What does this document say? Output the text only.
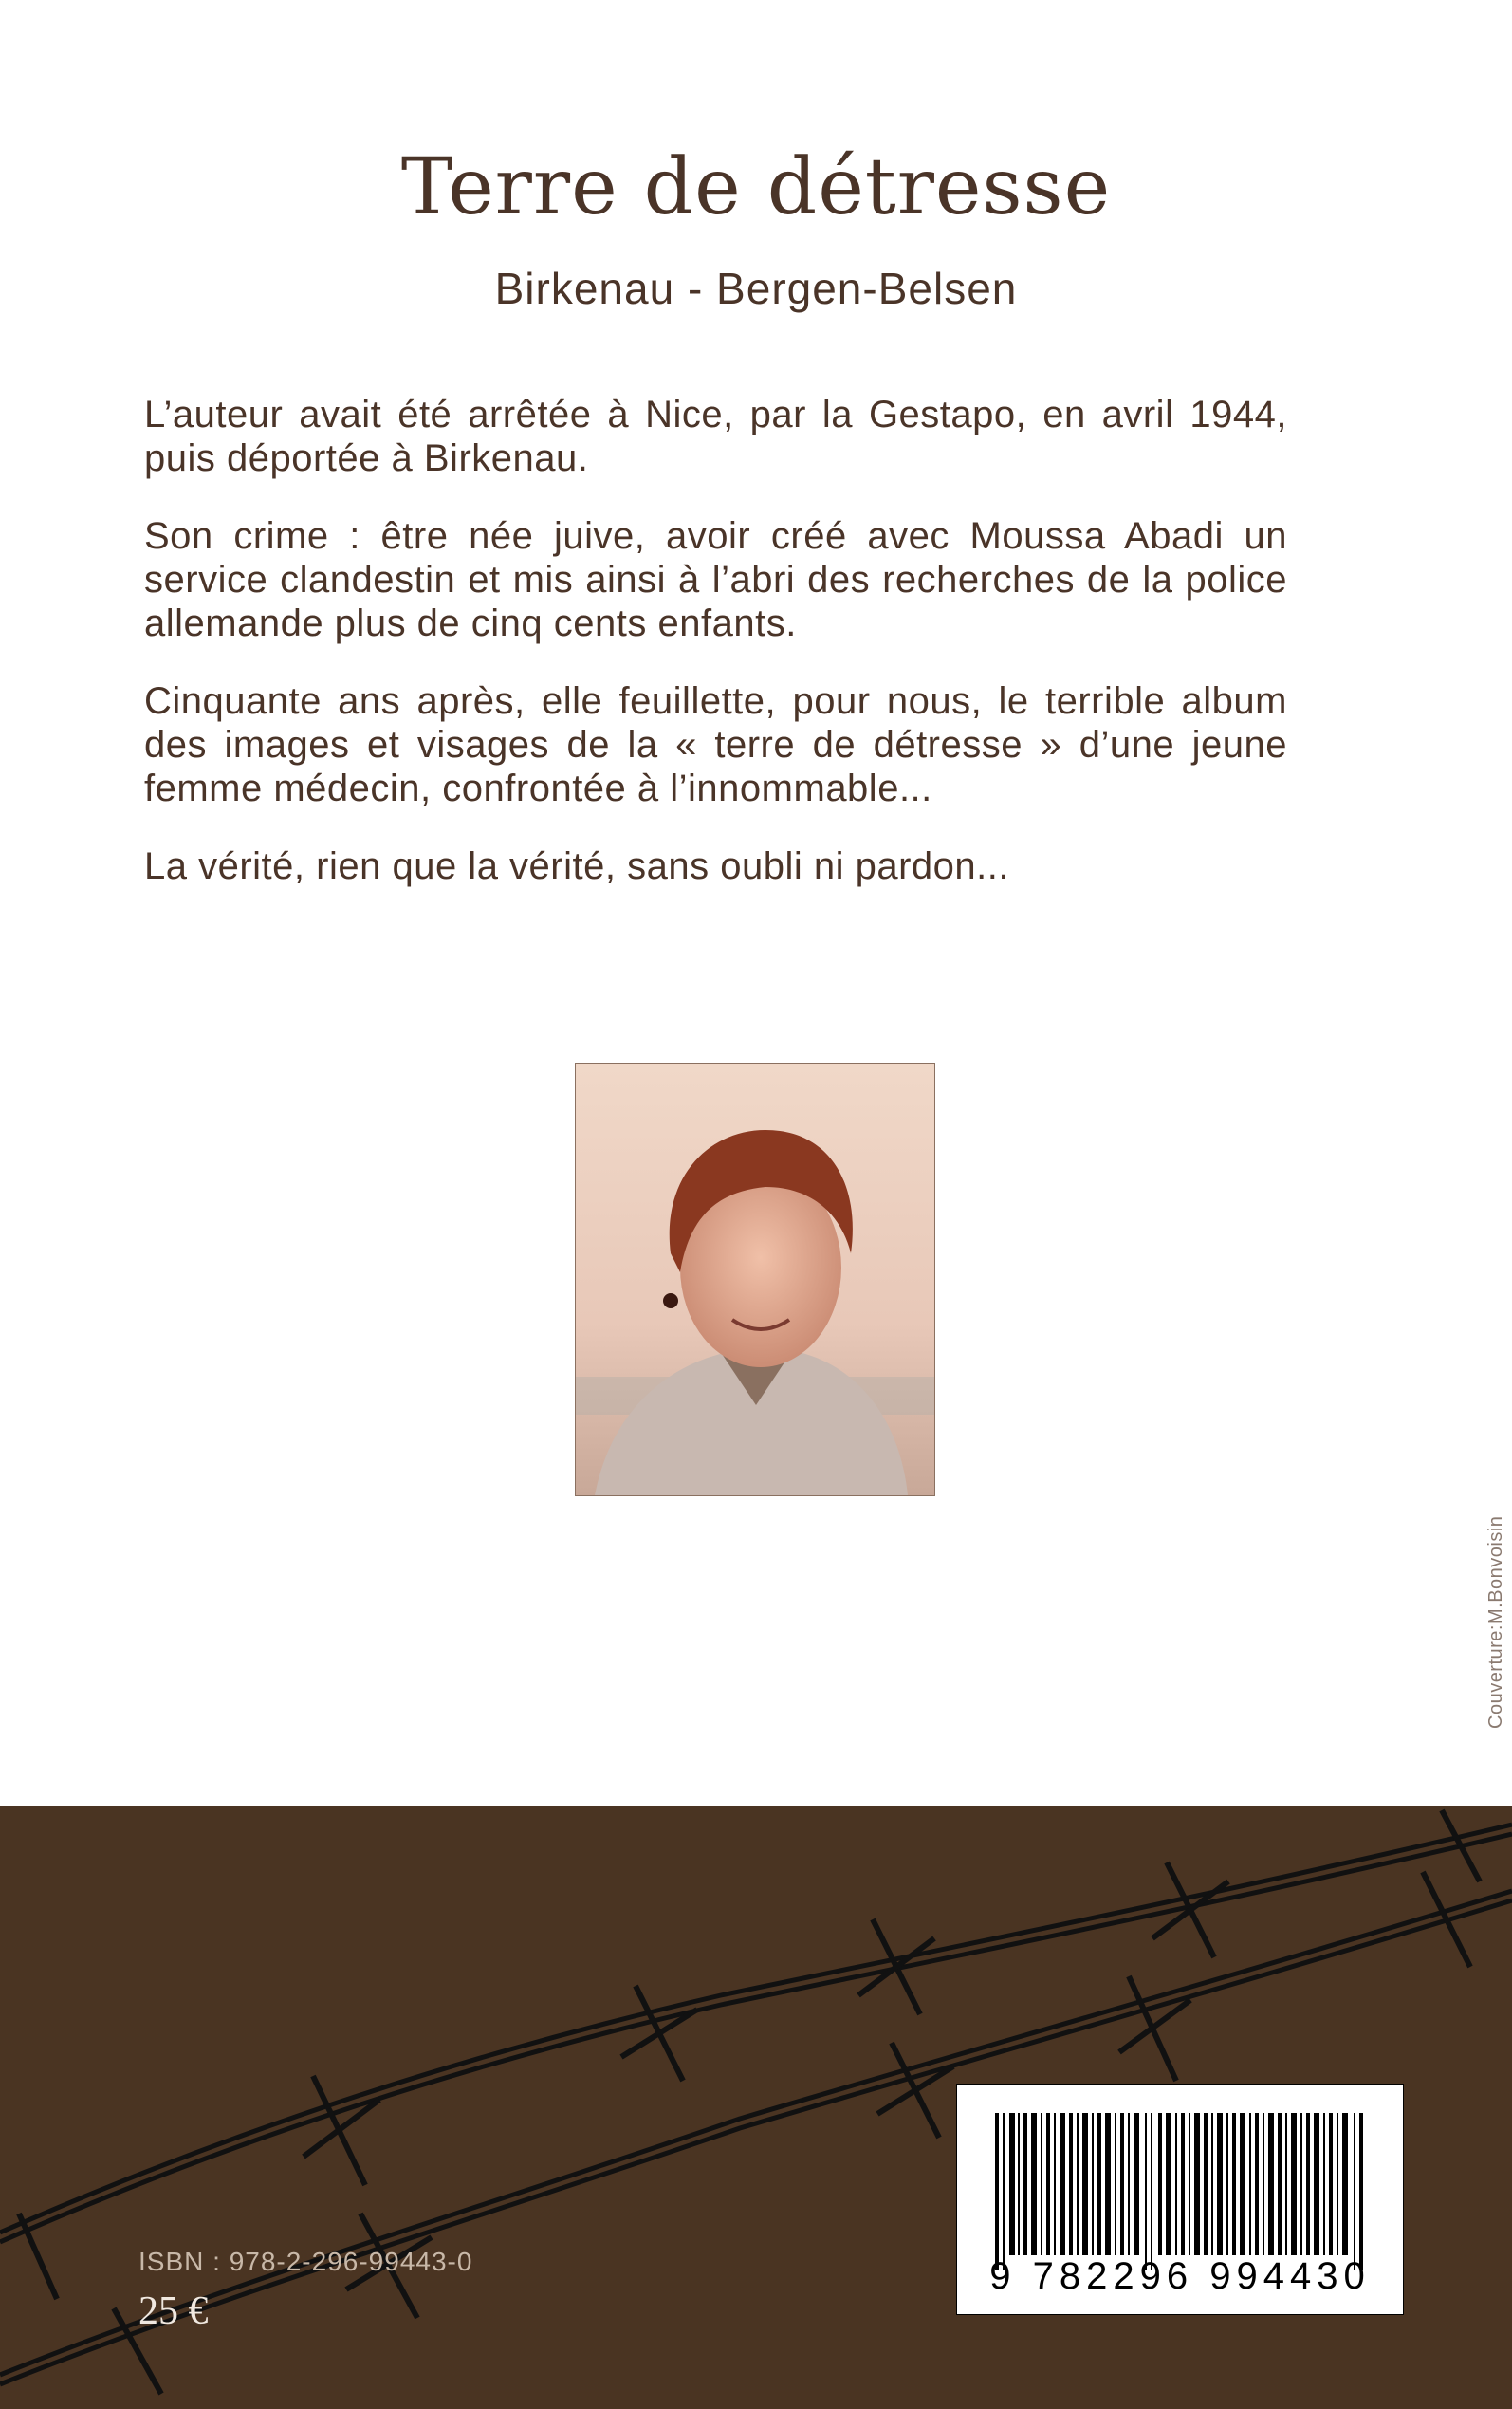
Terre de détresse
Birkenau - Bergen-Belsen

L’auteur avait été arrêtée à Nice, par la Gestapo, en avril 1944, puis déportée à Birkenau.

Son crime : être née juive, avoir créé avec Moussa Abadi un service clandestin et mis ainsi à l’abri des recherches de la police allemande plus de cinq cents enfants.

Cinquante ans après, elle feuillette, pour nous, le terrible album des images et visages de la « terre de détresse » d’une jeune femme médecin, confrontée à l’innommable...

La vérité, rien que la vérité, sans oubli ni pardon...

Couverture:M.Bonvoisin
ISBN : 978-2-296-99443-0
25 €
9 782296 994430
